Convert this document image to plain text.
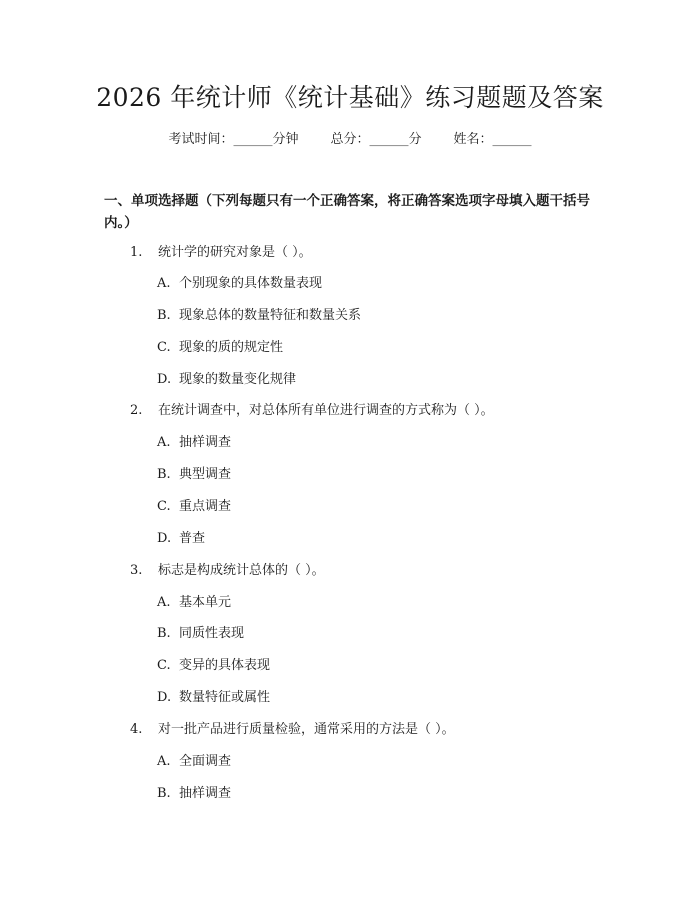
2026 年统计师《统计基础》练习题题及答案
考试时间：______分钟 总分：______分 姓名：______
一、单项选择题（下列每题只有一个正确答案，将正确答案选项字母填入题干括号内。）
1. 统计学的研究对象是（ ）。
A. 个别现象的具体数量表现
B. 现象总体的数量特征和数量关系
C. 现象的质的规定性
D. 现象的数量变化规律
2. 在统计调查中，对总体所有单位进行调查的方式称为（ ）。
A. 抽样调查
B. 典型调查
C. 重点调查
D. 普查
3. 标志是构成统计总体的（ ）。
A. 基本单元
B. 同质性表现
C. 变异的具体表现
D. 数量特征或属性
4. 对一批产品进行质量检验，通常采用的方法是（ ）。
A. 全面调查
B. 抽样调查
